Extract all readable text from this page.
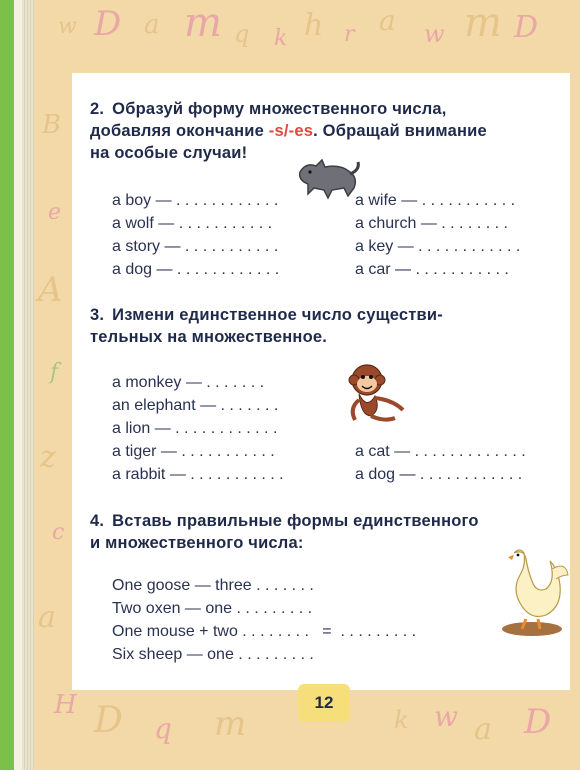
w D a m q k h r a w m D
B
e
A
f
z
c
a
H D q m	k w a D
2. Образуй форму множественного числа,
добавляя окончание -s/-es. Обращай внимание
на особые случаи!
a boy — . . . . . . . . . . . .
a wolf — . . . . . . . . . . .
a story — . . . . . . . . . . .
a dog — . . . . . . . . . . . .
a wife — . . . . . . . . . . .
a church — . . . . . . . .
a key — . . . . . . . . . . . .
a car — . . . . . . . . . . .
3. Измени единственное число существи-
тельных на множественное.
a monkey — . . . . . . .
an elephant — . . . . . . .
a lion — . . . . . . . . . . . .
a tiger — . . . . . . . . . . .
a rabbit — . . . . . . . . . . .
a cat — . . . . . . . . . . . . .
a dog — . . . . . . . . . . . .
4. Вставь правильные формы единственного
и множественного числа:
One goose — three . . . . . . .
Two oxen — one . . . . . . . . .
One mouse + two . . . . . . . .   =  . . . . . . . . .
Six sheep — one . . . . . . . . .
12
